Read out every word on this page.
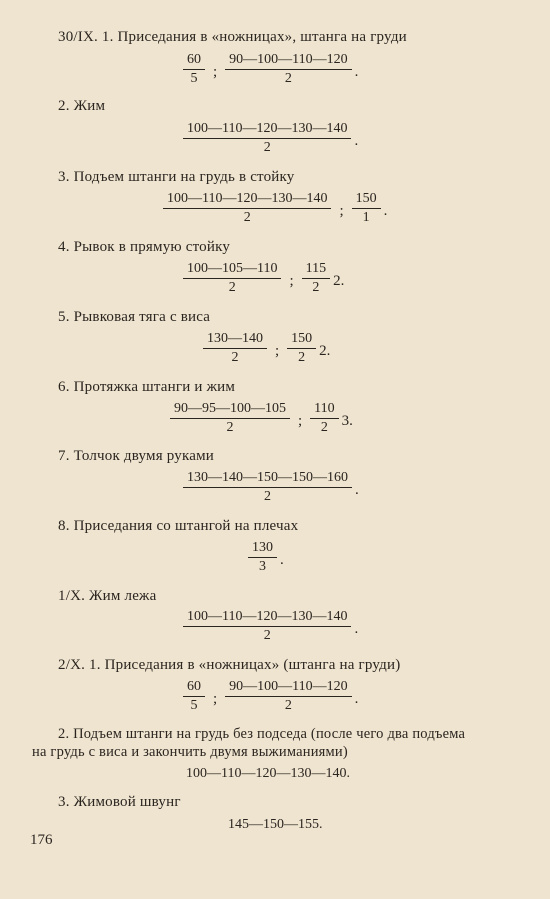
30/IX. 1. Приседания в «ножницах», штанга на груди
$\frac{60}{5}$ ; $\frac{90—100—110—120}{2}$ .
2. Жим
$\frac{100—110—120—130—140}{2}$ .
3. Подъем штанги на грудь в стойку
$\frac{100—110—120—130—140}{2}$ ; $\frac{150}{1}$ .
4. Рывок в прямую стойку
$\frac{100—105—110}{2}$ ; $\frac{115}{2} 2$.
5. Рывковая тяга с виса
$\frac{130—140}{2}$ ; $\frac{150}{2} 2$.
6. Протяжка штанги и жим
$\frac{90—95—100—105}{2}$ ; $\frac{110}{2} 3$.
7. Толчок двумя руками
$\frac{130—140—150—150—160}{2}$ .
8. Приседания со штангой на плечах
$\frac{130}{3}$ .
1/X. Жим лежа
$\frac{100—110—120—130—140}{2}$ .
2/X. 1. Приседания в «ножницах» (штанга на груди)
$\frac{60}{5}$ ; $\frac{90—100—110—120}{2}$ .
2. Подъем штанги на грудь без подседа (после чего два подъема
на грудь с виса и закончить двумя выжиманиями)
100—110—120—130—140.
3. Жимовой швунг
145—150—155.
176
